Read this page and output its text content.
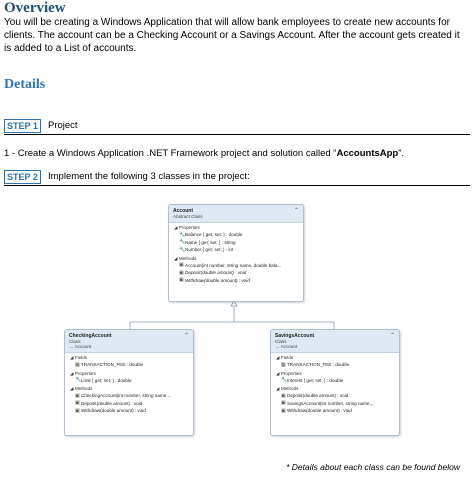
Overview
You will be creating a Windows Application that will allow bank employees to create new accounts for clients. The account can be a Checking Account or a Savings Account. After the account gets created it is added to a List of accounts.
Details
STEP 1	Project
1 - Create a Windows Application .NET Framework project and solution called “AccountsApp”.
STEP 2	Implement the following 3 classes in the project:
Account
Abstract Class
⌃
◢ Properties
🔧 Balance { get; set; } : double
🔧 Name { get; set; } : string
🔧 Number { get; set; } : int
◢ Methods
▣ Account(int number, string name, double bala...
▣ Deposit(double amount) : void
▣ Withdraw(double amount) : void
CheckingAccount
Class
→ Account
⌃
◢ Fields
▩ TRANSACTION_FEE : double
◢ Properties
🔧 Limit { get; set; } : double
◢ Methods
▣ CheckingAccount(int number, string name,...
▣ Deposit(double amount) : void
▣ Withdraw(double amount) : void
SavingsAccount
Class
→ Account
⌃
◢ Fields
▩ TRANSACTION_FEE : double
◢ Properties
🔧 Interest { get; set; } : double
◢ Methods
▣ Deposit(double amount) : void
▣ SavingsAccount(int number, string name,...
▣ Withdraw(double amount) : void
* Details about each class can be found below
